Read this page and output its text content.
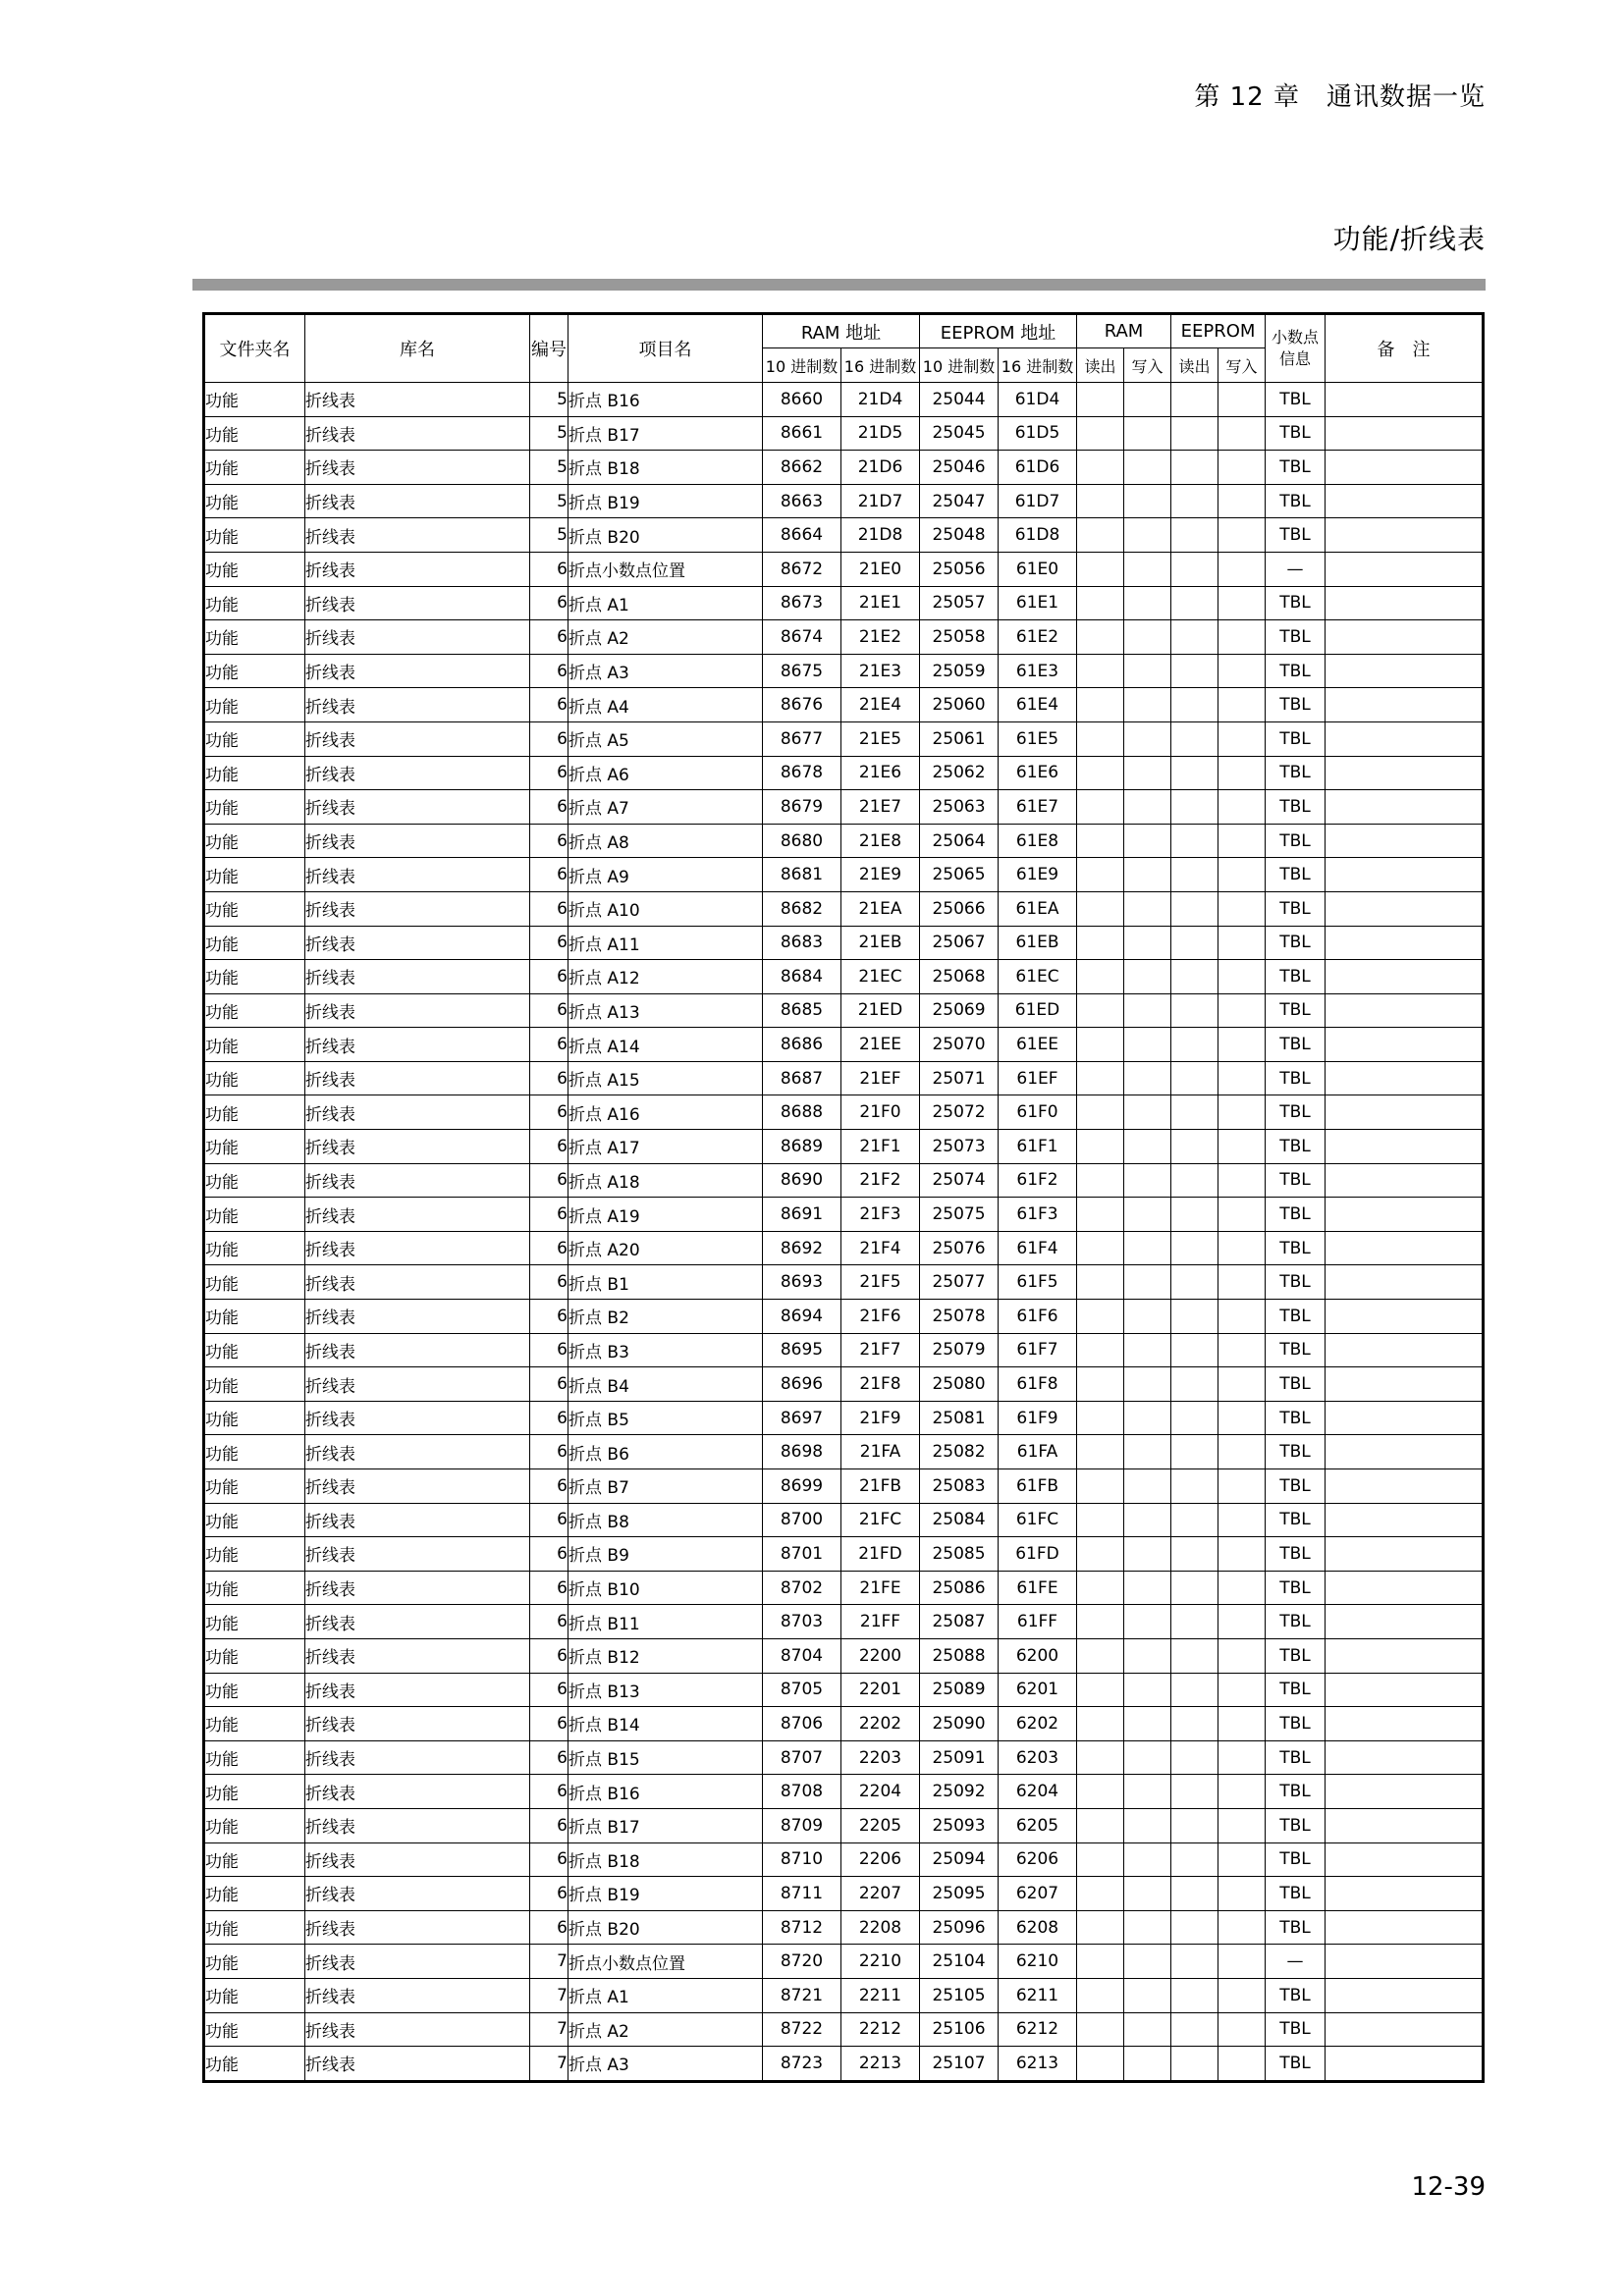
第 12 章　通讯数据一览
功能/折线表
文件夹名	库名	编号	项目名	RAM 地址		EEPROM 地址		RAM		EEPROM		小数点信息	备　注
				10 进制数	16 进制数	10 进制数	16 进制数	读出	写入	读出	写入		
功能	折线表	5	折点 B16	8660	21D4	25044	61D4					TBL	
功能	折线表	5	折点 B17	8661	21D5	25045	61D5					TBL	
功能	折线表	5	折点 B18	8662	21D6	25046	61D6					TBL	
功能	折线表	5	折点 B19	8663	21D7	25047	61D7					TBL	
功能	折线表	5	折点 B20	8664	21D8	25048	61D8					TBL	
功能	折线表	6	折点小数点位置	8672	21E0	25056	61E0					—	
功能	折线表	6	折点 A1	8673	21E1	25057	61E1					TBL	
功能	折线表	6	折点 A2	8674	21E2	25058	61E2					TBL	
功能	折线表	6	折点 A3	8675	21E3	25059	61E3					TBL	
功能	折线表	6	折点 A4	8676	21E4	25060	61E4					TBL	
功能	折线表	6	折点 A5	8677	21E5	25061	61E5					TBL	
功能	折线表	6	折点 A6	8678	21E6	25062	61E6					TBL	
功能	折线表	6	折点 A7	8679	21E7	25063	61E7					TBL	
功能	折线表	6	折点 A8	8680	21E8	25064	61E8					TBL	
功能	折线表	6	折点 A9	8681	21E9	25065	61E9					TBL	
功能	折线表	6	折点 A10	8682	21EA	25066	61EA					TBL	
功能	折线表	6	折点 A11	8683	21EB	25067	61EB					TBL	
功能	折线表	6	折点 A12	8684	21EC	25068	61EC					TBL	
功能	折线表	6	折点 A13	8685	21ED	25069	61ED					TBL	
功能	折线表	6	折点 A14	8686	21EE	25070	61EE					TBL	
功能	折线表	6	折点 A15	8687	21EF	25071	61EF					TBL	
功能	折线表	6	折点 A16	8688	21F0	25072	61F0					TBL	
功能	折线表	6	折点 A17	8689	21F1	25073	61F1					TBL	
功能	折线表	6	折点 A18	8690	21F2	25074	61F2					TBL	
功能	折线表	6	折点 A19	8691	21F3	25075	61F3					TBL	
功能	折线表	6	折点 A20	8692	21F4	25076	61F4					TBL	
功能	折线表	6	折点 B1	8693	21F5	25077	61F5					TBL	
功能	折线表	6	折点 B2	8694	21F6	25078	61F6					TBL	
功能	折线表	6	折点 B3	8695	21F7	25079	61F7					TBL	
功能	折线表	6	折点 B4	8696	21F8	25080	61F8					TBL	
功能	折线表	6	折点 B5	8697	21F9	25081	61F9					TBL	
功能	折线表	6	折点 B6	8698	21FA	25082	61FA					TBL	
功能	折线表	6	折点 B7	8699	21FB	25083	61FB					TBL	
功能	折线表	6	折点 B8	8700	21FC	25084	61FC					TBL	
功能	折线表	6	折点 B9	8701	21FD	25085	61FD					TBL	
功能	折线表	6	折点 B10	8702	21FE	25086	61FE					TBL	
功能	折线表	6	折点 B11	8703	21FF	25087	61FF					TBL	
功能	折线表	6	折点 B12	8704	2200	25088	6200					TBL	
功能	折线表	6	折点 B13	8705	2201	25089	6201					TBL	
功能	折线表	6	折点 B14	8706	2202	25090	6202					TBL	
功能	折线表	6	折点 B15	8707	2203	25091	6203					TBL	
功能	折线表	6	折点 B16	8708	2204	25092	6204					TBL	
功能	折线表	6	折点 B17	8709	2205	25093	6205					TBL	
功能	折线表	6	折点 B18	8710	2206	25094	6206					TBL	
功能	折线表	6	折点 B19	8711	2207	25095	6207					TBL	
功能	折线表	6	折点 B20	8712	2208	25096	6208					TBL	
功能	折线表	7	折点小数点位置	8720	2210	25104	6210					—	
功能	折线表	7	折点 A1	8721	2211	25105	6211					TBL	
功能	折线表	7	折点 A2	8722	2212	25106	6212					TBL	
功能	折线表	7	折点 A3	8723	2213	25107	6213					TBL	
12-39
